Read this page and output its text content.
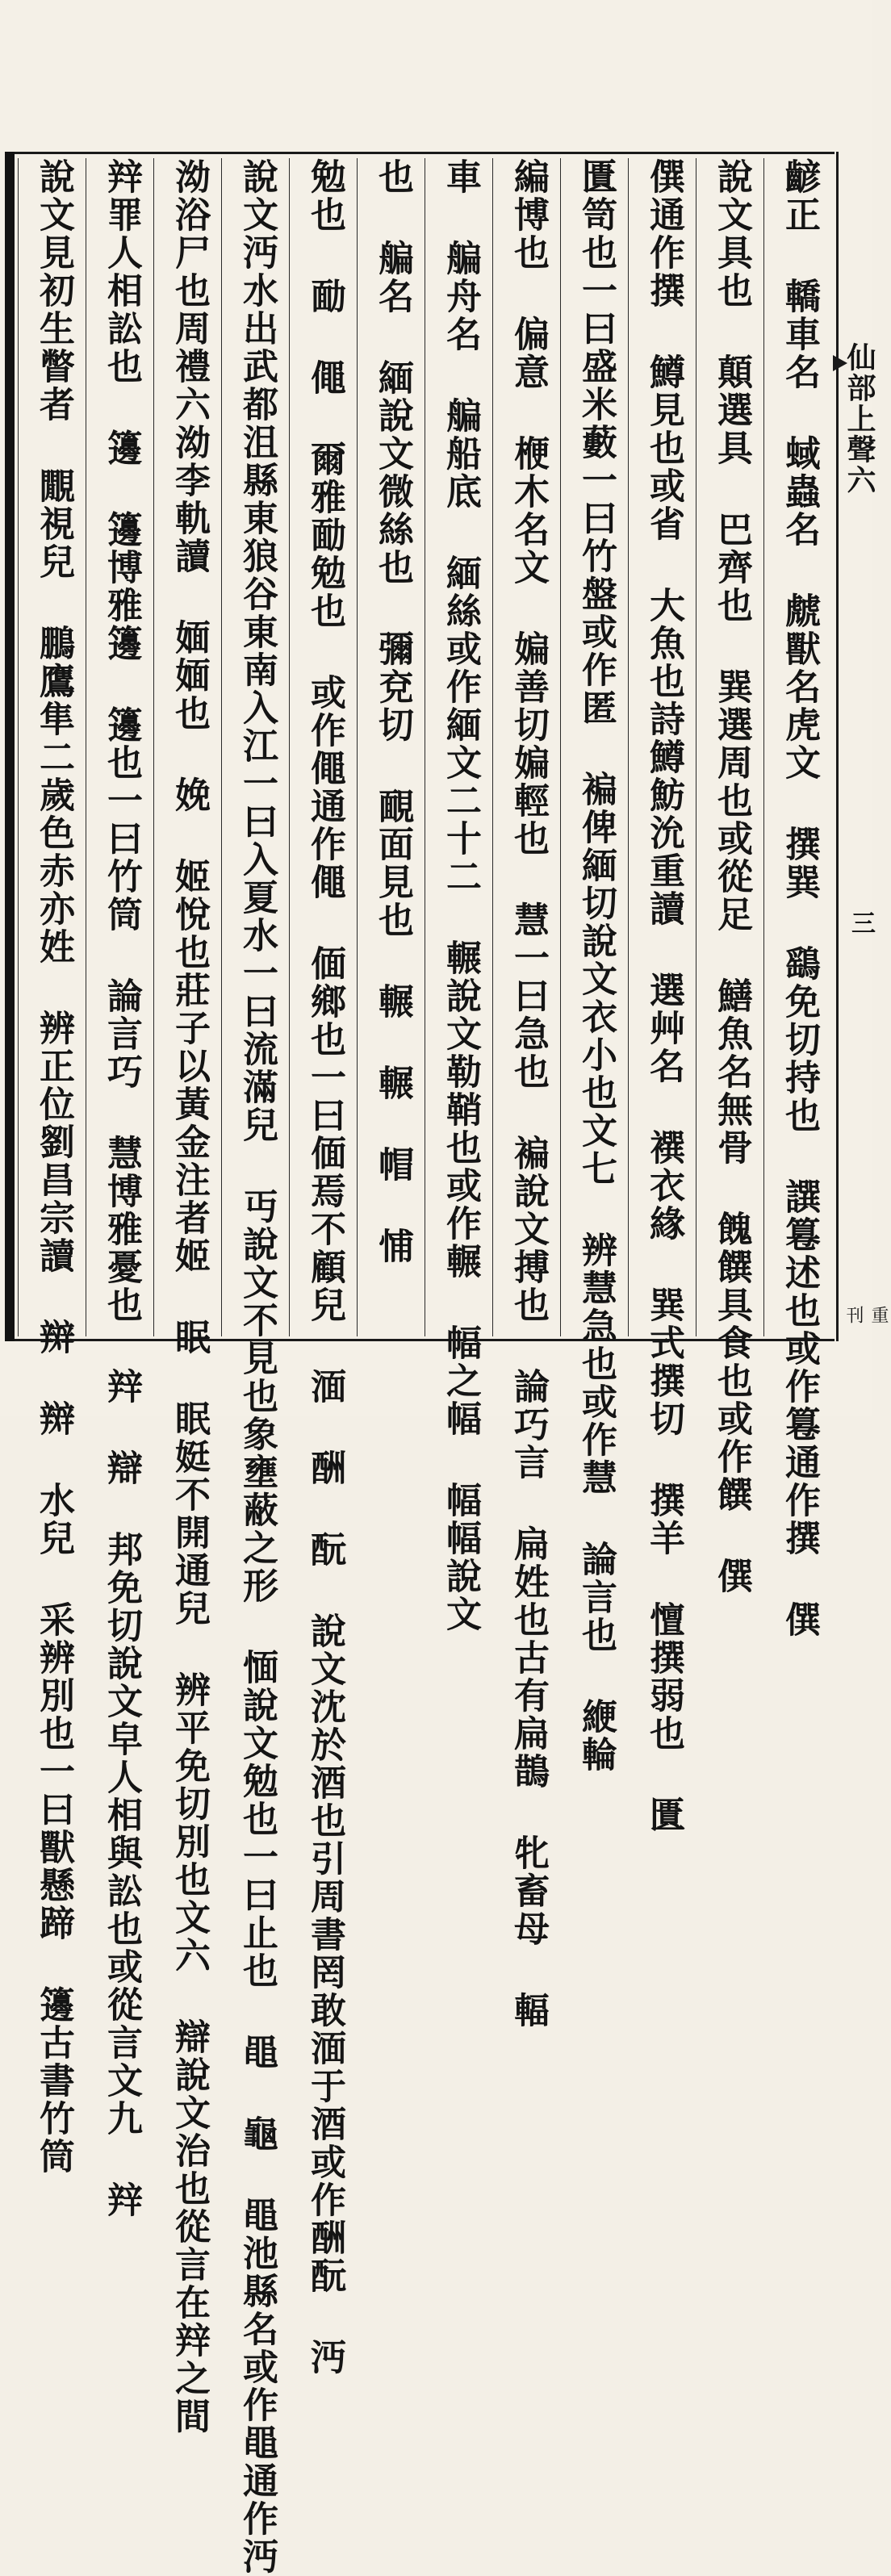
仙部上聲六
三
重刊
齴正 轎車名 蜮蟲名 虤獸名虎文 撰巽 鷂免切持也 譔篹述也或作篹通作撰 僎
說文具也 顛選具 巴齊也 巽選周也或從足 鱔魚名無骨 餽饌具食也或作饌 僎
僎通作撰 鱒見也或省 大魚也詩鱒魴沇重讀 選艸名 襈衣緣 巽式撰切 撰羊 憻撰弱也 匱
匱笥也一曰盛米藪一曰竹盤或作匿 褊俾緬切說文衣小也文七 辨慧急也或作慧 論言也 緶輪
編博也 偏意 楩木名文 媥善切媥輕也 慧一曰急也 褊說文搏也 論巧言 扁姓也古有扁鵲 牝畜母 輻
車 艑舟名 艑船底 緬絲或作緬文二十二 輾說文勒鞘也或作輾 幅之幅 幅幅說文
也 艑名 緬說文微絲也 彌兗切 靦面見也 輾 輾 帽 悑
勉也 勔 僶 爾雅勔勉也 或作僶通作僶 偭鄉也一曰偭焉不顧兒 湎 酬 酛 說文沈於酒也引周書罔敢湎于酒或作酬酛 沔
說文沔水出武都沮縣東狼谷東南入江一曰入夏水一曰流滿兒 丏說文不見也象壅蔽之形 愐說文勉也一曰止也 黽 龜 黽池縣名或作黽通作沔
泑浴尸也周禮六泑李軌讀 媔媔也 娩 姬悅也莊子以黃金注者姬 眠 眠娗不開通兒 辨平免切別也文六 辯說文治也從言在辡之間
辡罪人相訟也 籩 籩博雅籩 籩也一曰竹筒 論言巧 慧博雅憂也 辡 辯 邦免切說文皁人相與訟也或從言文九 辡
說文見初生瞥者 覵視兒 鵬鷹隼二歲色赤亦姓 辨正位劉昌宗讀 辬 辬 水兒 采辨別也一曰獸懸蹄 籩古書竹筒
